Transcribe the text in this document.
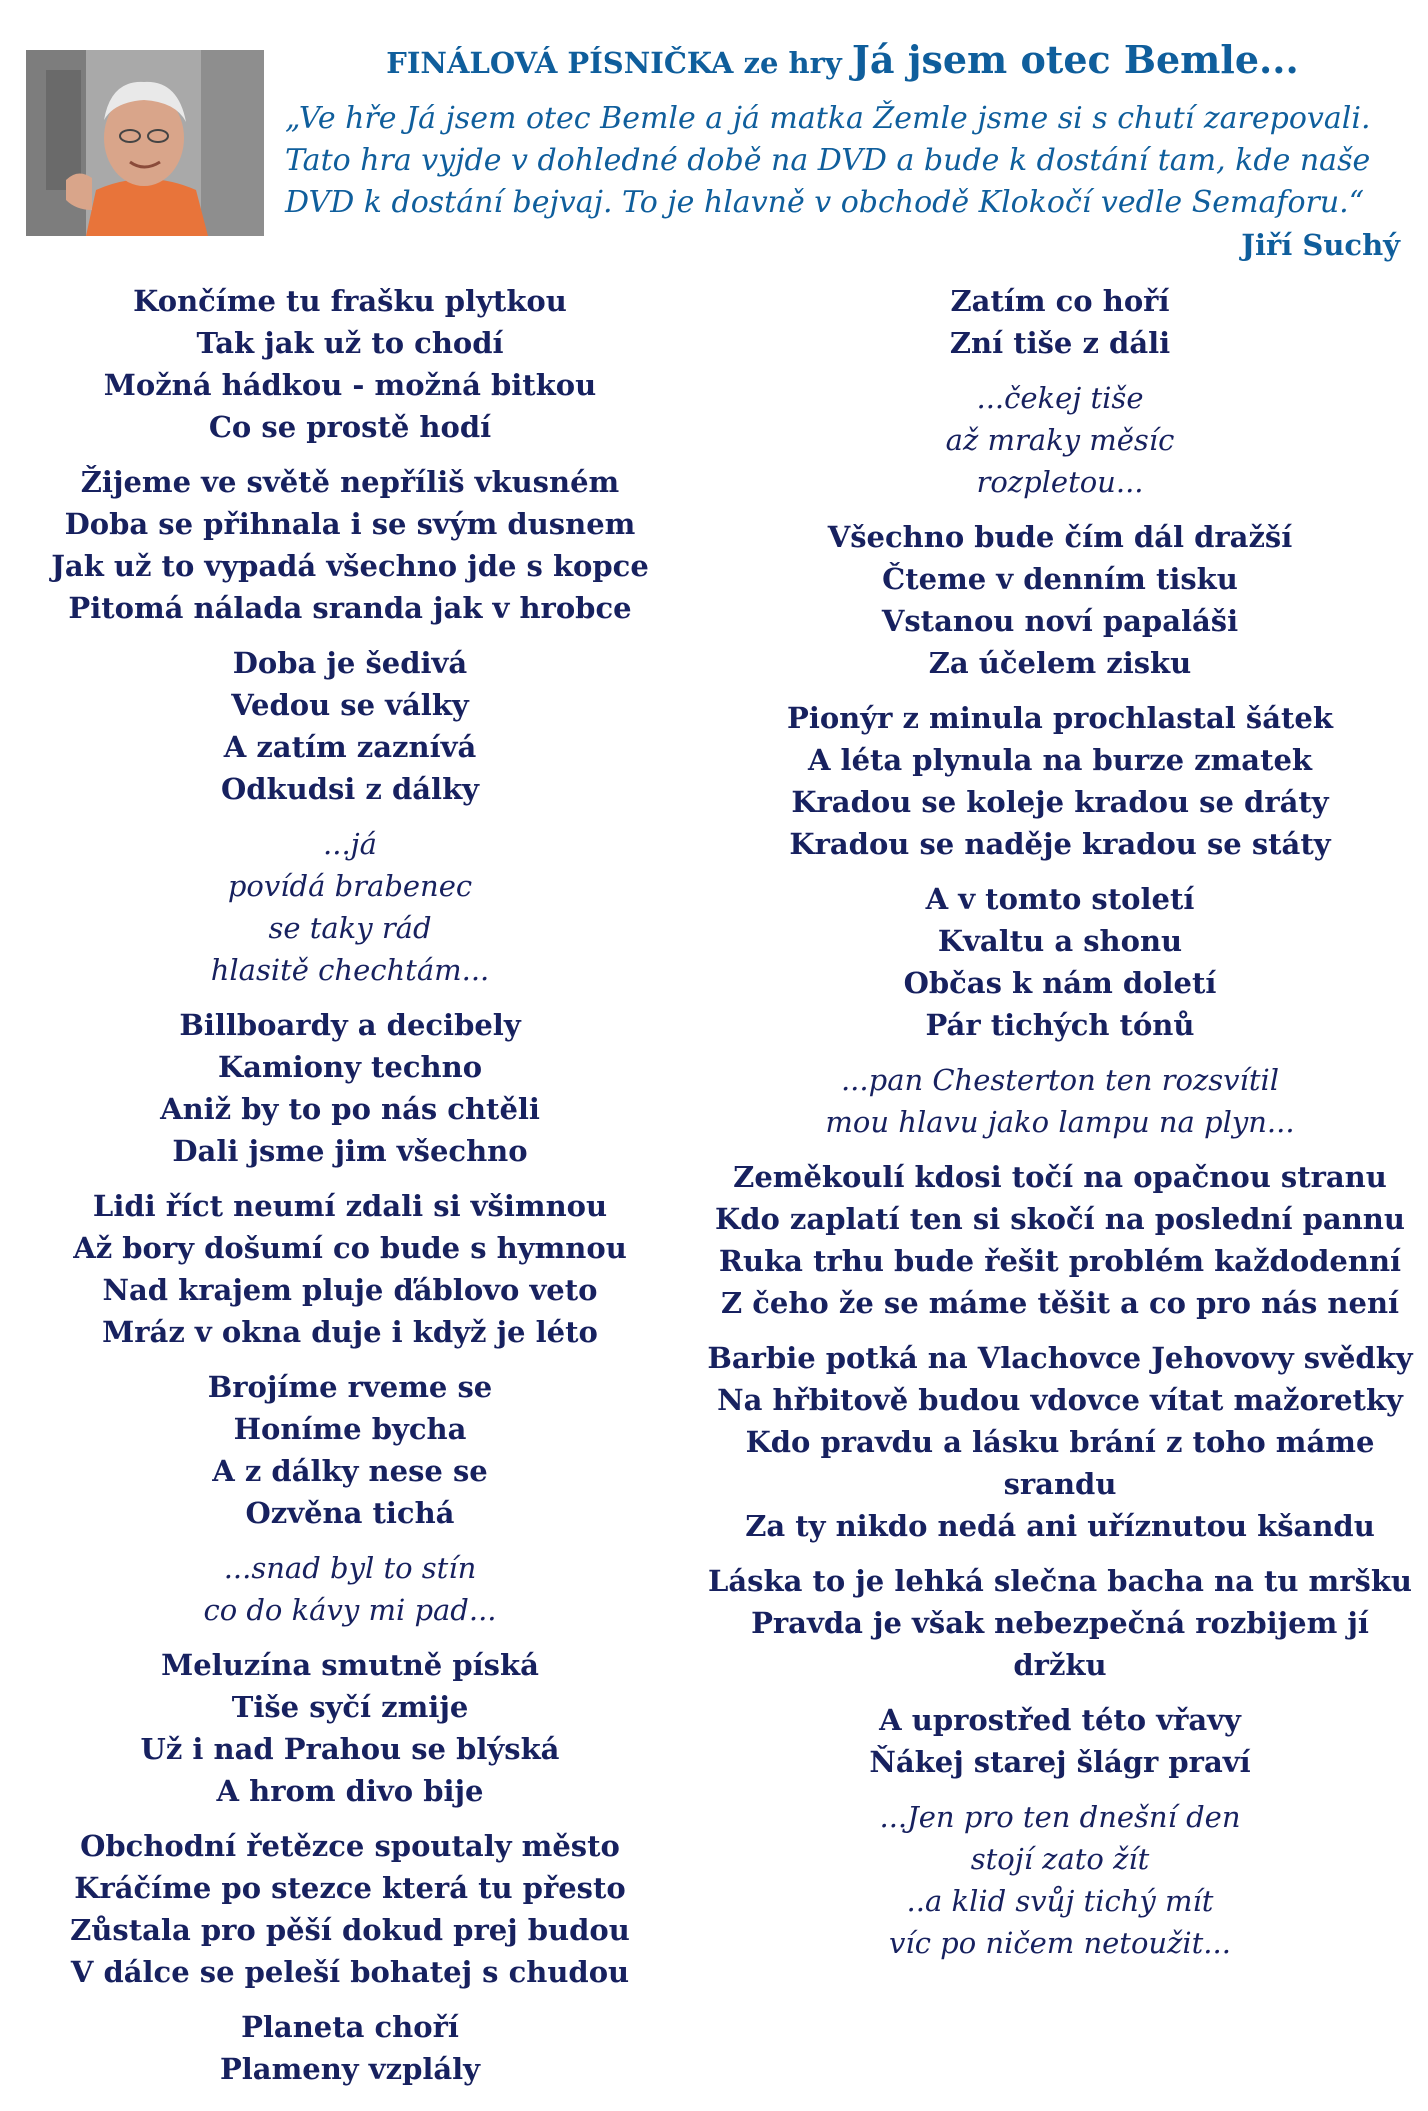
FINÁLOVÁ PÍSNIČKA ze hry Já jsem otec Bemle...

„Ve hře Já jsem otec Bemle a já matka Žemle jsme si s chutí zarepovali.
Tato hra vyjde v dohledné době na DVD a bude k dostání tam, kde naše
DVD k dostání bejvaj. To je hlavně v obchodě Klokočí vedle Semaforu.“

Jiří Suchý

Končíme tu frašku plytkou
Tak jak už to chodí
Možná hádkou - možná bitkou
Co se prostě hodí
Žijeme ve světě nepříliš vkusném
Doba se přihnala i se svým dusnem
Jak už to vypadá všechno jde s kopce
Pitomá nálada sranda jak v hrobce
Doba je šedivá
Vedou se války
A zatím zaznívá
Odkudsi z dálky
...já
povídá brabenec
se taky rád
hlasitě chechtám...
Billboardy a decibely
Kamiony techno
Aniž by to po nás chtěli
Dali jsme jim všechno
Lidi říct neumí zdali si všimnou
Až bory došumí co bude s hymnou
Nad krajem pluje ďáblovo veto
Mráz v okna duje i když je léto
Brojíme rveme se
Honíme bycha
A z dálky nese se
Ozvěna tichá
...snad byl to stín
co do kávy mi pad...
Meluzína smutně píská
Tiše syčí zmije
Už i nad Prahou se blýská
A hrom divo bije
Obchodní řetězce spoutaly město
Kráčíme po stezce která tu přesto
Zůstala pro pěší dokud prej budou
V dálce se peleší bohatej s chudou
Planeta choří
Plameny vzplály
Zatím co hoří
Zní tiše z dáli
...čekej tiše
až mraky měsíc
rozpletou...
Všechno bude čím dál dražší
Čteme v denním tisku
Vstanou noví papaláši
Za účelem zisku
Pionýr z minula prochlastal šátek
A léta plynula na burze zmatek
Kradou se koleje kradou se dráty
Kradou se naděje kradou se státy
A v tomto století
Kvaltu a shonu
Občas k nám doletí
Pár tichých tónů
...pan Chesterton ten rozsvítil
mou hlavu jako lampu na plyn...
Zeměkoulí kdosi točí na opačnou stranu
Kdo zaplatí ten si skočí na poslední pannu
Ruka trhu bude řešit problém každodenní
Z čeho že se máme těšit a co pro nás není
Barbie potká na Vlachovce Jehovovy svědky
Na hřbitově budou vdovce vítat mažoretky
Kdo pravdu a lásku brání z toho máme srandu
Za ty nikdo nedá ani uříznutou kšandu
Láska to je lehká slečna bacha na tu mršku
Pravda je však nebezpečná rozbijem jí držku
A uprostřed této vřavy
Ňákej starej šlágr praví
...Jen pro ten dnešní den
stojí zato žít
..a klid svůj tichý mít
víc po ničem netoužit...
